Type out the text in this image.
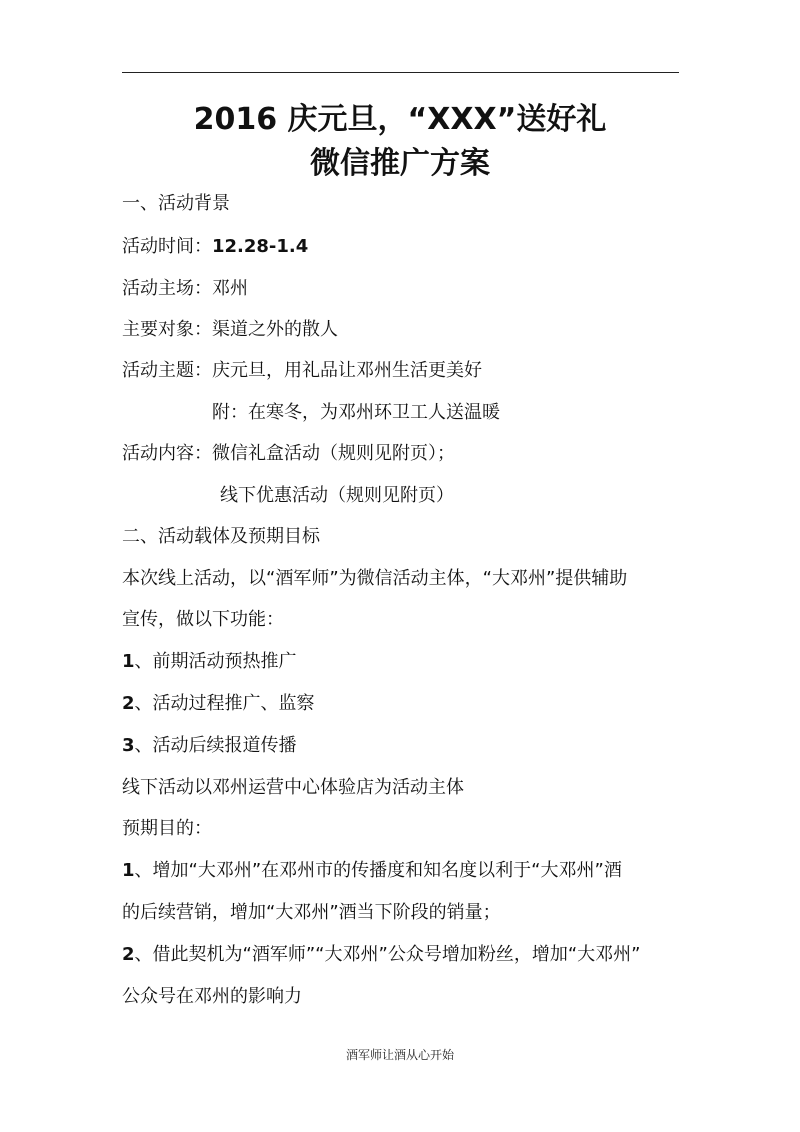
2016 庆元旦，“XXX”送好礼
微信推广方案
一、活动背景
活动时间：12.28-1.4
活动主场：邓州
主要对象：渠道之外的散人
活动主题：庆元旦，用礼品让邓州生活更美好
附：在寒冬，为邓州环卫工人送温暖
活动内容：微信礼盒活动（规则见附页）；
线下优惠活动（规则见附页）
二、活动载体及预期目标
本次线上活动，以“酒军师”为微信活动主体，“大邓州”提供辅助
宣传，做以下功能：
1、前期活动预热推广
2、活动过程推广、监察
3、活动后续报道传播
线下活动以邓州运营中心体验店为活动主体
预期目的：
1、增加“大邓州”在邓州市的传播度和知名度以利于“大邓州”酒
的后续营销，增加“大邓州”酒当下阶段的销量；
2、借此契机为“酒军师”“大邓州”公众号增加粉丝，增加“大邓州”
公众号在邓州的影响力
酒军师让酒从心开始
